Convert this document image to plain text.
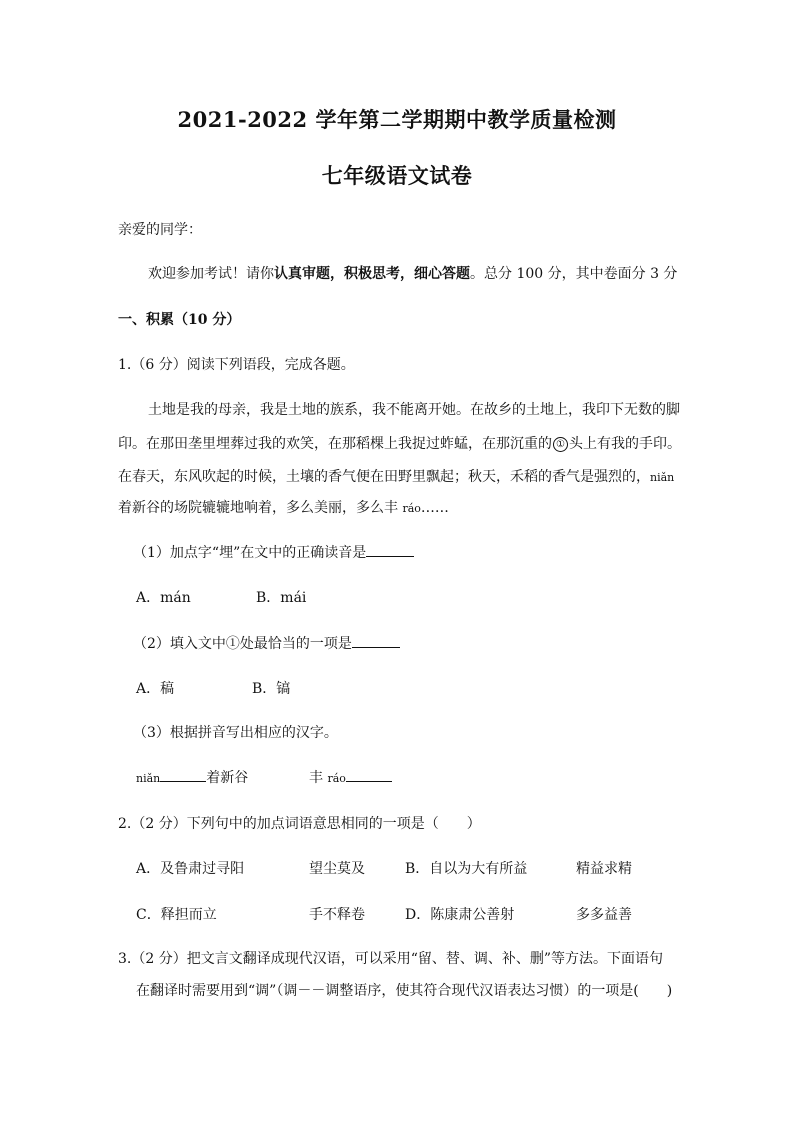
2021-2022 学年第二学期期中教学质量检测
七年级语文试卷
亲爱的同学：
欢迎参加考试！请你认真审题，积极思考，细心答题。总分 100 分，其中卷面分 3 分
一、积累（10 分）
1.（6 分）阅读下列语段，完成各题。
土地是我的母亲，我是土地的族系，我不能离开她。在故乡的土地上，我印下无数的脚
印。在那田垄里埋葬过我的欢笑，在那稻棵上我捉过蚱蜢，在那沉重的 ① 头上有我的手印。
在春天，东风吹起的时候，土壤的香气便在田野里飘起；秋天，禾稻的香气是强烈的，niǎn
着新谷的场院辘辘地响着，多么美丽，多么丰 ráo……
（1）加点字“埋”在文中的正确读音是
A．mán	B．mái
（2）填入文中①处最恰当的一项是
A．稿	B．镐
（3）根据拼音写出相应的汉字。
niǎn	着新谷	丰 ráo
2.（2 分）下列句中的加点词语意思相同的一项是（　　）
A．及鲁肃过寻阳	望尘莫及	B．自以为大有所益	精益求精
C．释担而立	手不释卷	D．陈康肃公善射	多多益善
3.（2 分）把文言文翻译成现代汉语，可以采用“留、替、调、补、删”等方法。下面语句
在翻译时需要用到“调”（调－－调整语序，使其符合现代汉语表达习惯）的一项是(　　)
